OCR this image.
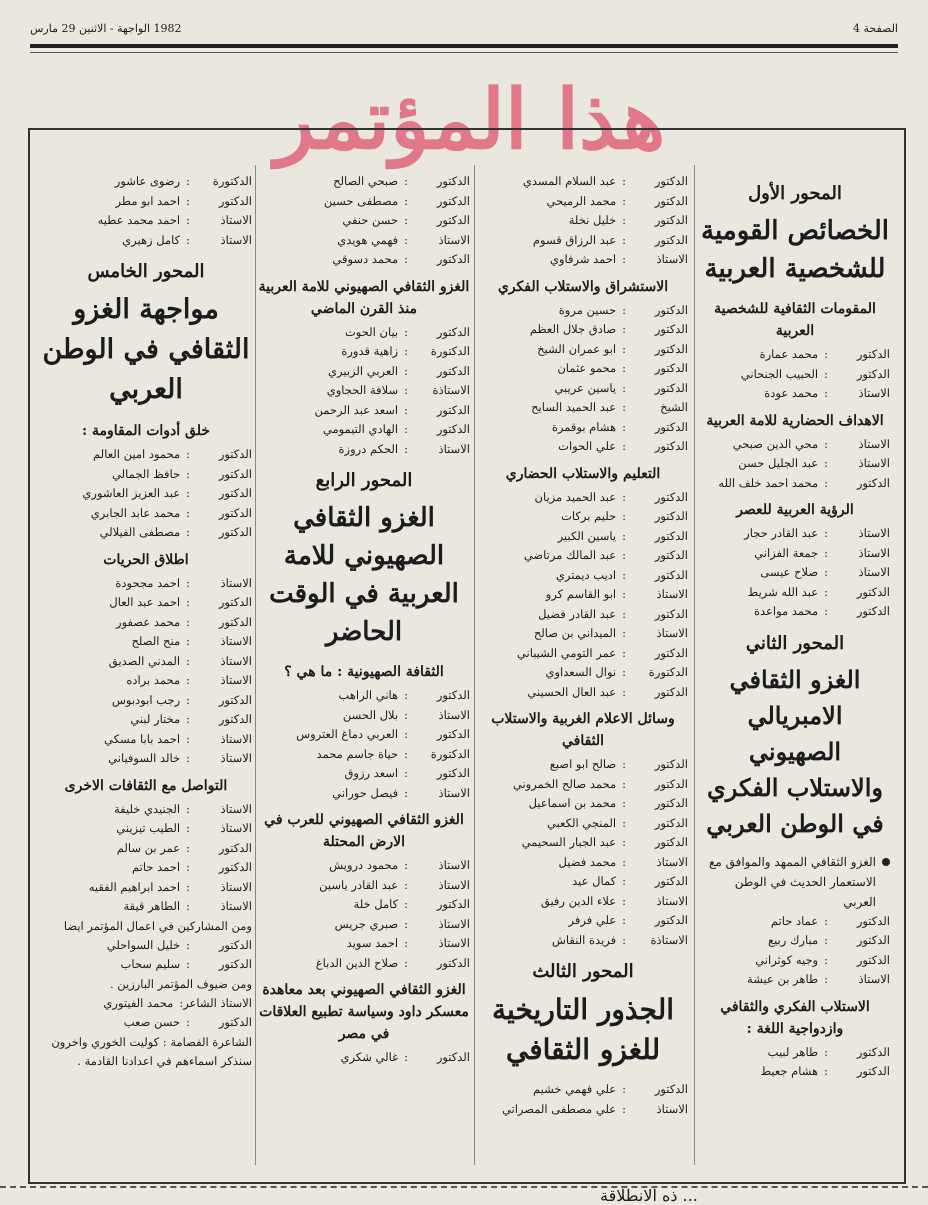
1982 الواجهة - الاثنين 29 مارس	الصفحة 4
هذا المؤتمر
المحور الأول
الخصائص القومية للشخصية العربية
المقومات الثقافية للشخصية العربية
الدكتور
:
محمد عمارة
الدكتور
:
الحبيب الجنحاني
الاستاذ
:
محمد عودة
الاهداف الحضارية للامة العربية
الاستاذ
:
محي الدين صبحي
الاستاذ
:
عبد الجليل حسن
الدكتور
:
محمد احمد خلف الله
الرؤية العربية للعصر
الاستاذ
:
عبد القادر حجار
الاستاذ
:
جمعة الفزاني
الاستاذ
:
صلاح عيسى
الدكتور
:
عبد الله شريط
الدكتور
:
محمد مواعدة
المحور الثاني
الغزو الثقافي الامبريالي الصهيوني والاستلاب الفكري في الوطن العربي
الغزو الثقافي الممهد والموافق مع الاستعمار الحديث في الوطن العربي
الدكتور
:
عماد حاتم
الدكتور
:
مبارك ربيع
الدكتور
:
وجيه كوثراني
الاستاذ
:
طاهر بن عيشة
الاستلاب الفكري والثقافي وازدواجية اللغة :
الدكتور
:
طاهر لبيب
الدكتور
:
هشام جعيط
الدكتور
:
عبد السلام المسدي
الدكتور
:
محمد الرميحي
الدكتور
:
خليل نخلة
الدكتور
:
عبد الرزاق قسوم
الاستاذ
:
احمد شرفاوي
الاستشراق والاستلاب الفكري
الدكتور
:
حسين مروة
الدكتور
:
صادق جلال العظم
الدكتور
:
ابو عمران الشيخ
الدكتور
:
محمو عثمان
الدكتور
:
ياسين عريبي
الشيخ
:
عبد الحميد السايح
الدكتور
:
هشام بوقمرة
الدكتور
:
علي الحوات
التعليم والاستلاب الحضاري
الدكتور
:
عبد الحميد مزيان
الدكتور
:
حليم بركات
الدكتور
:
ياسين الكبير
الدكتور
:
عبد المالك مرتاضي
الدكتور
:
اديب ديمتري
الاستاذ
:
ابو القاسم كرو
الدكتور
:
عبد القادر فضيل
الاستاذ
:
الميداني بن صالح
الدكتور
:
عمر التومي الشيباني
الدكتورة
:
نوال السعداوي
الدكتور
:
عبد العال الحسيني
وسائل الاعلام الغربية والاستلاب الثقافي
الدكتور
:
صالح ابو اصبع
الدكتور
:
محمد صالح الخمروني
الدكتور
:
محمد بن اسماعيل
الدكتور
:
المنجي الكعبي
الدكتور
:
عبد الجبار السحيمي
الاستاذ
:
محمد فضيل
الدكتور
:
كمال عيد
الاستاذ
:
علاء الدين رفيق
الدكتور
:
علي فرفر
الاستاذة
:
فريدة النقاش
المحور الثالث
الجذور التاريخية للغزو الثقافي
الدكتور
:
علي فهمي خشيم
الاستاذ
:
علي مصطفى المصراتي
الدكتور
:
صبحي الصالح
الدكتور
:
مصطفى حسين
الدكتور
:
حسن حنفي
الاستاذ
:
فهمي هويدي
الدكتور
:
محمد دسوقي
الغزو الثقافي الصهيوني للامة العربية منذ القرن الماضي
الدكتور
:
بيان الحوت
الدكتورة
:
زاهية قدورة
الدكتور
:
العربي الزبيري
الاستاذة
:
سلافة الحجاوي
الدكتور
:
اسعد عبد الرحمن
الدكتور
:
الهادي التيمومي
الاستاذ
:
الحكم دروزة
المحور الرابع
الغزو الثقافي الصهيوني للامة العربية في الوقت الحاضر
الثقافة الصهيونية : ما هي ؟
الدكتور
:
هاني الراهب
الاستاذ
:
بلال الحسن
الدكتور
:
العربي دماغ العتروس
الدكتورة
:
حياة جاسم محمد
الدكتور
:
اسعد رزوق
الاستاذ
:
فيصل حوراني
الغزو الثقافي الصهيوني للعرب في الارض المحتلة
الاستاذ
:
محمود درويش
الاستاذ
:
عبد القادر ياسين
الدكتور
:
كامل خلة
الاستاذ
:
صبري جريس
الاستاذ
:
احمد سويد
الدكتور
:
صلاح الدين الدباغ
الغزو الثقافي الصهيوني بعد معاهدة معسكر داود وسياسة تطبيع العلاقات في مصر
الدكتور
:
غالي شكري
الدكتورة
:
رضوى عاشور
الدكتور
:
احمد ابو مطر
الاستاذ
:
احمد محمد عطيه
الاستاذ
:
كامل زهيري
المحور الخامس
مواجهة الغزو الثقافي في الوطن العربي
خلق أدوات المقاومة :
الدكتور
:
محمود امين العالم
الدكتور
:
حافظ الجمالي
الدكتور
:
عبد العزيز العاشوري
الدكتور
:
محمد عابد الجابري
الدكتور
:
مصطفى الفيلالي
اطلاق الحريات
الاستاذ
:
احمد مجحودة
الدكتور
:
احمد عبد العال
الدكتور
:
محمد عصفور
الاستاذ
:
منح الصلح
الاستاذ
:
المدني الصديق
الاستاذ
:
محمد براده
الدكتور
:
رجب ابودبوس
الدكتور
:
مختار لبني
الاستاذ
:
احمد بابا مسكي
الاستاذ
:
خالد السوفياني
التواصل مع الثقافات الاخرى
الاستاذ
:
الجنيدي خليفة
الاستاذ
:
الطيب تيزيني
الدكتور
:
عمر بن سالم
الدكتور
:
احمد حاتم
الاستاذ
:
احمد ابراهيم الفقيه
الاستاذ
:
الطاهر قيقة
ومن المشاركين في اعمال المؤتمر ايضا
الدكتور
:
خليل السواحلي
الدكتور
:
سليم سحاب
ومن ضيوف المؤتمر البارزين .
الاستاذ الشاعر
:
محمد الفيتوري
الدكتور
:
حسن صعب
الشاعرة الفصامة : كوليت الخوري واخرون سنذكر اسماءهم في اعدادنا القادمة .
... ذه الانطلاقة
